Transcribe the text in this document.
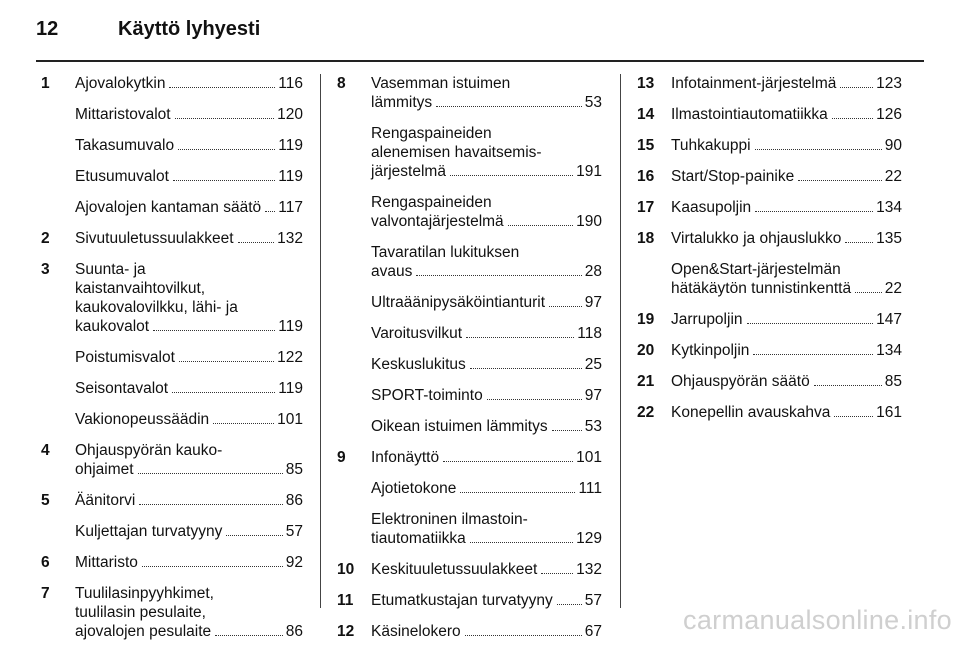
12	Käyttö lyhyesti
1 Ajovalokytkin	116
Mittaristovalot	120
Takasumuvalo	119
Etusumuvalot	119
Ajovalojen kantaman säätö 117
2 Sivutuuletussuulakkeet	132
3 Suunta- ja
kaistanvaihtovilkut,
kaukovalovilkku, lähi- ja
kaukovalot	119
Poistumisvalot	122
Seisontavalot	119
Vakionopeussäädin	101
4 Ohjauspyörän kauko-
ohjaimet	85
5 Äänitorvi	86
Kuljettajan turvatyyny	57
6 Mittaristo	92
7 Tuulilasinpyyhkimet,
tuulilasin pesulaite,
ajovalojen pesulaite	86
8 Vasemman istuimen
lämmitys	53
Rengaspaineiden
alenemisen havaitsemis-
järjestelmä	191
Rengaspaineiden
valvontajärjestelmä	190
Tavaratilan lukituksen
avaus	28
Ultraäänipysäköintianturit	97
Varoitusvilkut	118
Keskuslukitus	25
SPORT-toiminto	97
Oikean istuimen lämmitys 53
9 Infonäyttö	101
Ajotietokone	111
Elektroninen ilmastoin-
tiautomatiikka	129
10 Keskituuletussuulakkeet	132
11 Etumatkustajan turvatyyny 57
12 Käsinelokero	67
13 Infotainment-järjestelmä	123
14 Ilmastointiautomatiikka	126
15 Tuhkakuppi	90
16 Start/Stop-painike	22
17 Kaasupoljin	134
18 Virtalukko ja ohjauslukko 135
Open&Start-järjestelmän
hätäkäytön tunnistinkenttä 22
19 Jarrupoljin	147
20 Kytkinpoljin	134
21 Ohjauspyörän säätö	85
22 Konepellin avauskahva	161
carmanualsonline.info
